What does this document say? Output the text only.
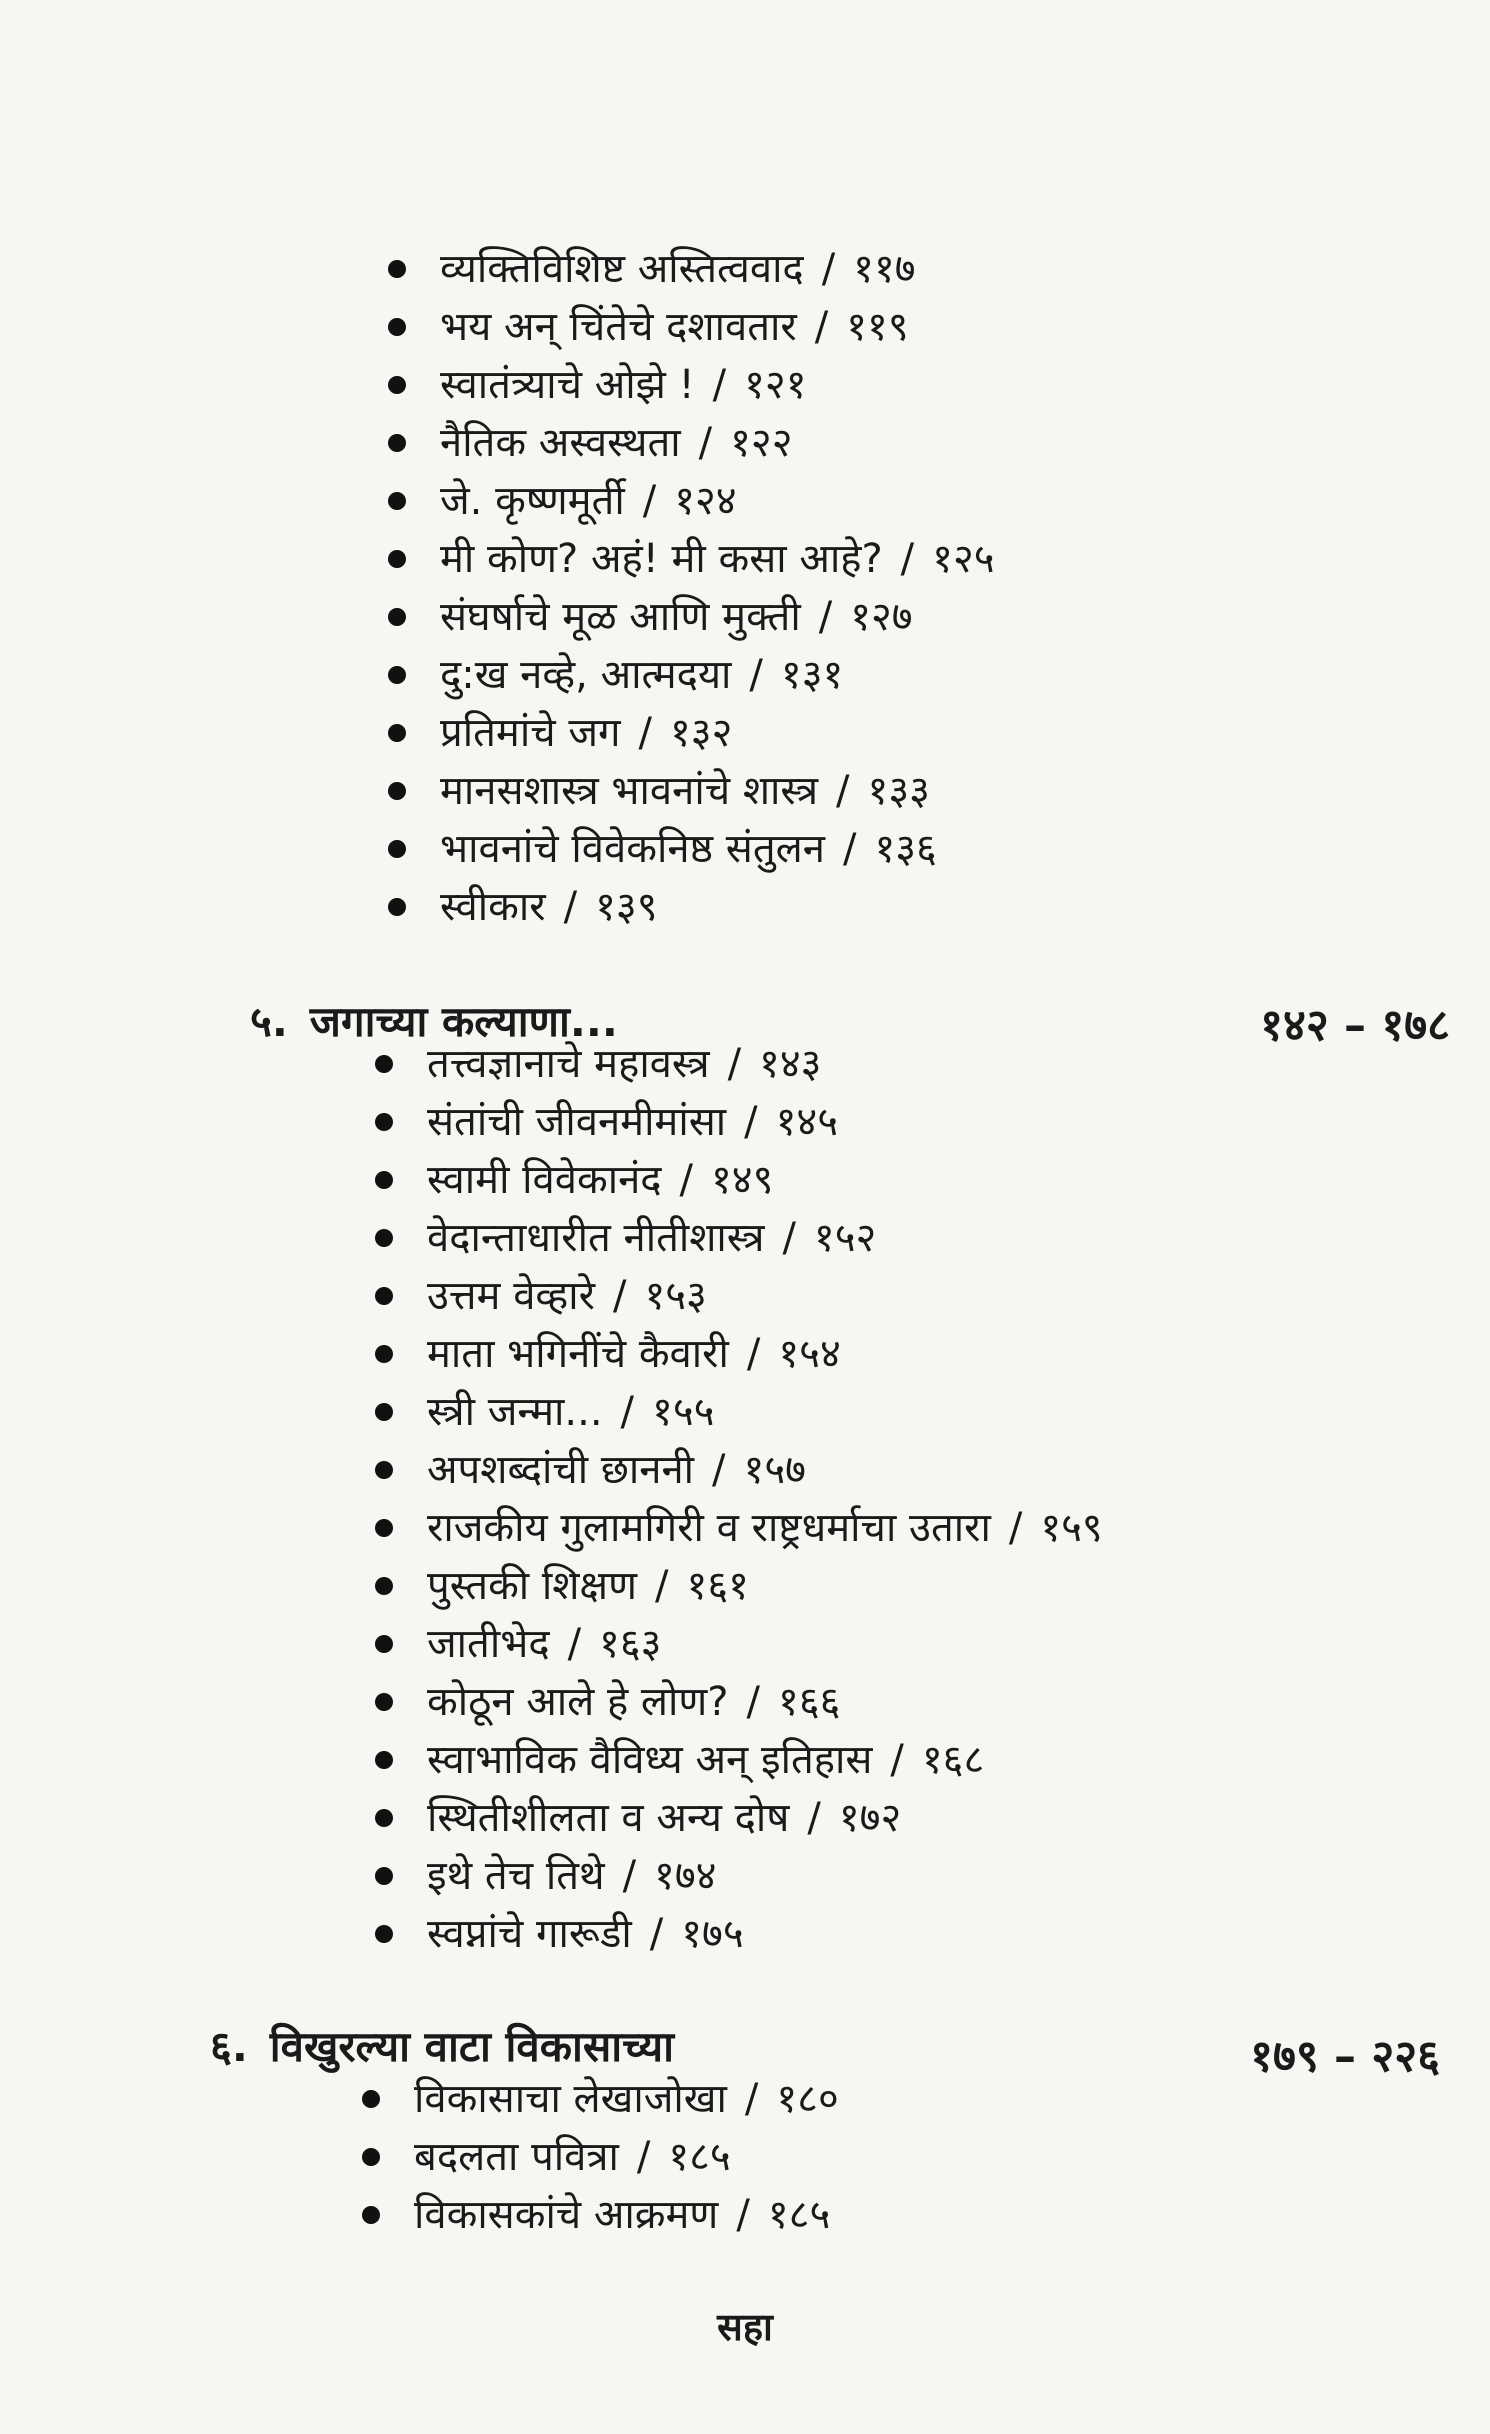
व्यक्तिविशिष्ट अस्तित्ववाद / ११७
भय अन् चिंतेचे दशावतार / ११९
स्वातंत्र्याचे ओझे ! / १२१
नैतिक अस्वस्थता / १२२
जे. कृष्णमूर्ती / १२४
मी कोण? अहं! मी कसा आहे? / १२५
संघर्षाचे मूळ आणि मुक्ती / १२७
दु:ख नव्हे, आत्मदया / १३१
प्रतिमांचे जग / १३२
मानसशास्त्र भावनांचे शास्त्र / १३३
भावनांचे विवेकनिष्ठ संतुलन / १३६
स्वीकार / १३९
५. जगाच्या कल्याणा...	१४२ – १७८
तत्त्वज्ञानाचे महावस्त्र / १४३
संतांची जीवनमीमांसा / १४५
स्वामी विवेकानंद / १४९
वेदान्ताधारीत नीतीशास्त्र / १५२
उत्तम वेव्हारे / १५३
माता भगिनींचे कैवारी / १५४
स्त्री जन्मा... / १५५
अपशब्दांची छाननी / १५७
राजकीय गुलामगिरी व राष्ट्रधर्माचा उतारा / १५९
पुस्तकी शिक्षण / १६१
जातीभेद / १६३
कोठून आले हे लोण? / १६६
स्वाभाविक वैविध्य अन् इतिहास / १६८
स्थितीशीलता व अन्य दोष / १७२
इथे तेच तिथे / १७४
स्वप्नांचे गारूडी / १७५
६. विखुरल्या वाटा विकासाच्या	१७९ – २२६
विकासाचा लेखाजोखा / १८०
बदलता पवित्रा / १८५
विकासकांचे आक्रमण / १८५
सहा
